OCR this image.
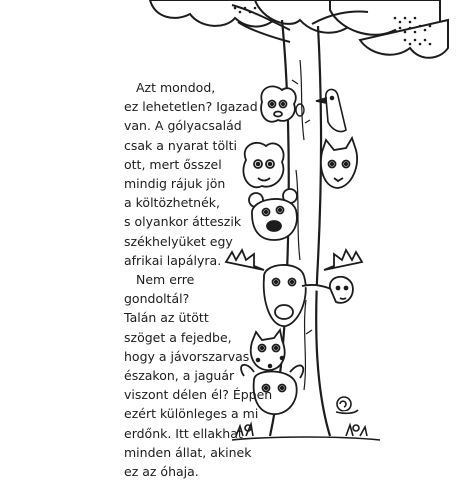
Azt mondod,
ez lehetetlen? Igazad
van. A gólyacsalád
csak a nyarat tölti
ott, mert ősszel
mindig rájuk jön
a költözhetnék,
s olyankor átteszik
székhelyüket egy
afrikai lapályra.

Nem erre
gondoltál?
Talán az ütött
szöget a fejedbe,
hogy a jávorszarvas
északon, a jaguár
viszont délen él? Éppen
ezért különleges a mi
erdőnk. Itt ellakhat
minden állat, akinek
ez az óhaja.
